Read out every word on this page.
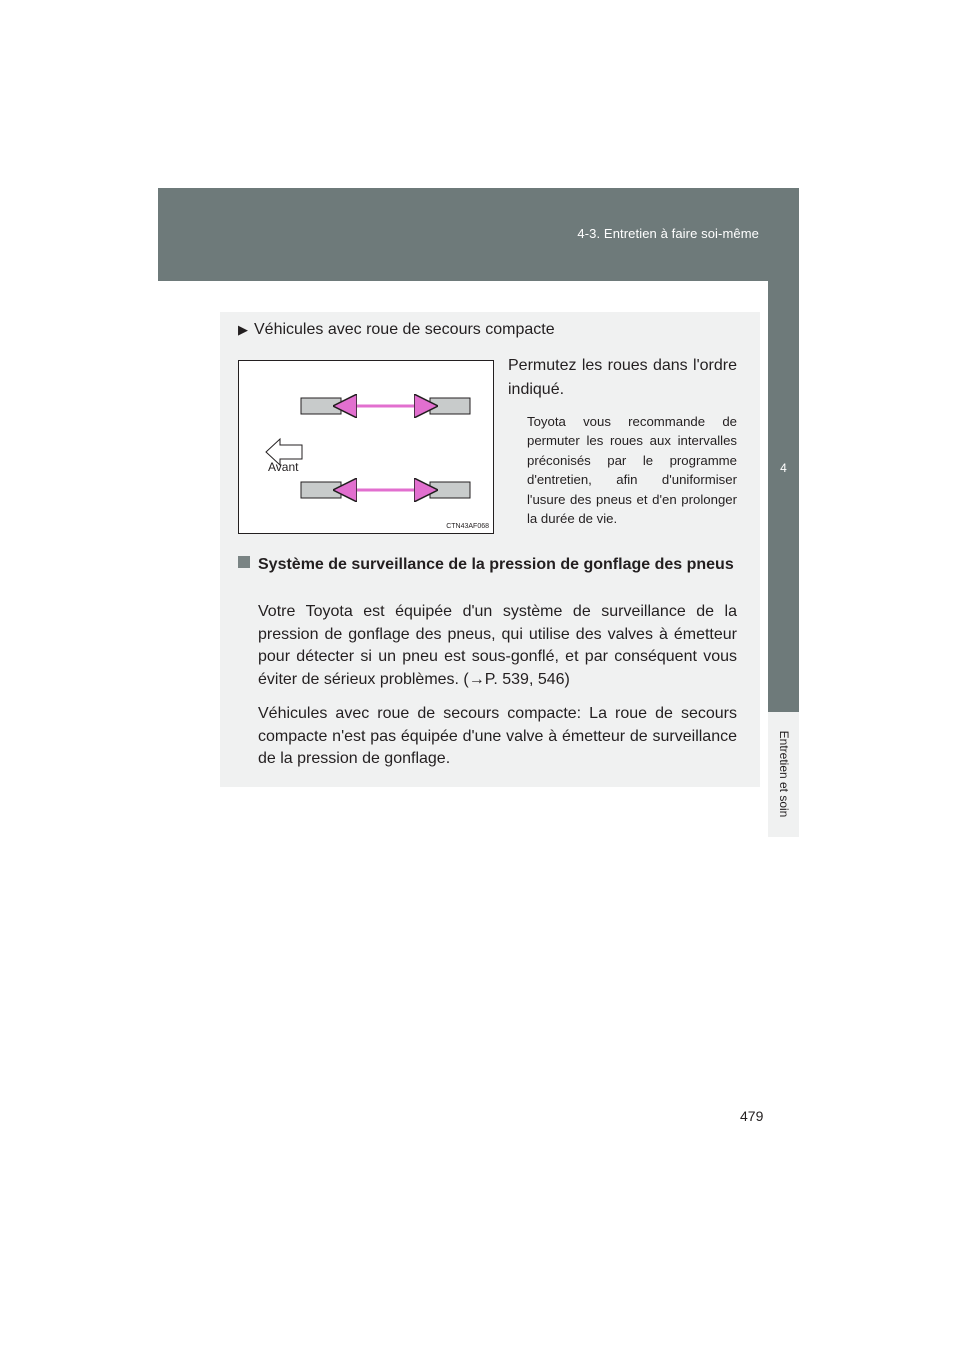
4-3. Entretien à faire soi-même
4
Entretien et soin
▶ Véhicules avec roue de secours compacte
Avant
CTN43AF068
Permutez les roues dans l'ordre indiqué.
Toyota vous recommande de permuter les roues aux intervalles préconisés par le programme d'entretien, afin d'uniformiser l'usure des pneus et d'en prolonger la durée de vie.
Système de surveillance de la pression de gonflage des pneus
Votre Toyota est équipée d'un système de surveillance de la pression de gonflage des pneus, qui utilise des valves à émetteur pour détecter si un pneu est sous-gonflé, et par conséquent vous éviter de sérieux problèmes. (→P. 539, 546)
Véhicules avec roue de secours compacte: La roue de secours compacte n'est pas équipée d'une valve à émetteur de surveillance de la pression de gonflage.
479
